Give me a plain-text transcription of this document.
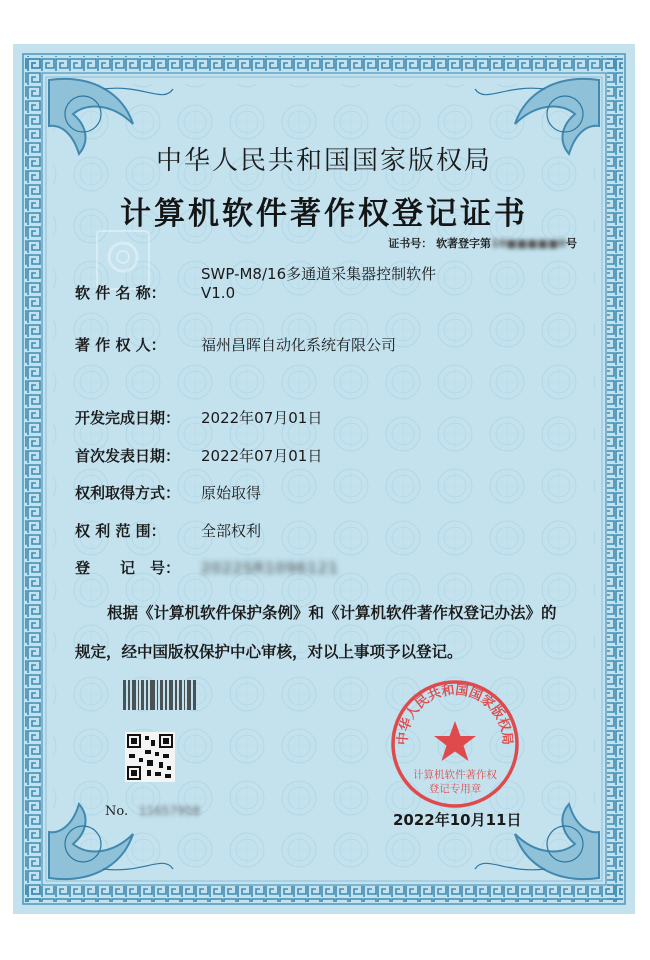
中华人民共和国国家版权局
计算机软件著作权登记证书
证书号： 软著登字第10■■■■■0号
软 件 名 称：
SWP-M8/16多通道采集器控制软件
V1.0
著 作 权 人： 福州昌晖自动化系统有限公司
开发完成日期： 2022年07月01日
首次发表日期： 2022年07月01日
权利取得方式： 原始取得
权 利 范 围： 全部权利
登　　记　号： 2022SR1096121
根据《计算机软件保护条例》和《计算机软件著作权登记办法》的
规定，经中国版权保护中心审核，对以上事项予以登记。
No. 11657958
中华人民共和国国家版权局
计算机软件著作权
登记专用章
2022年10月11日
